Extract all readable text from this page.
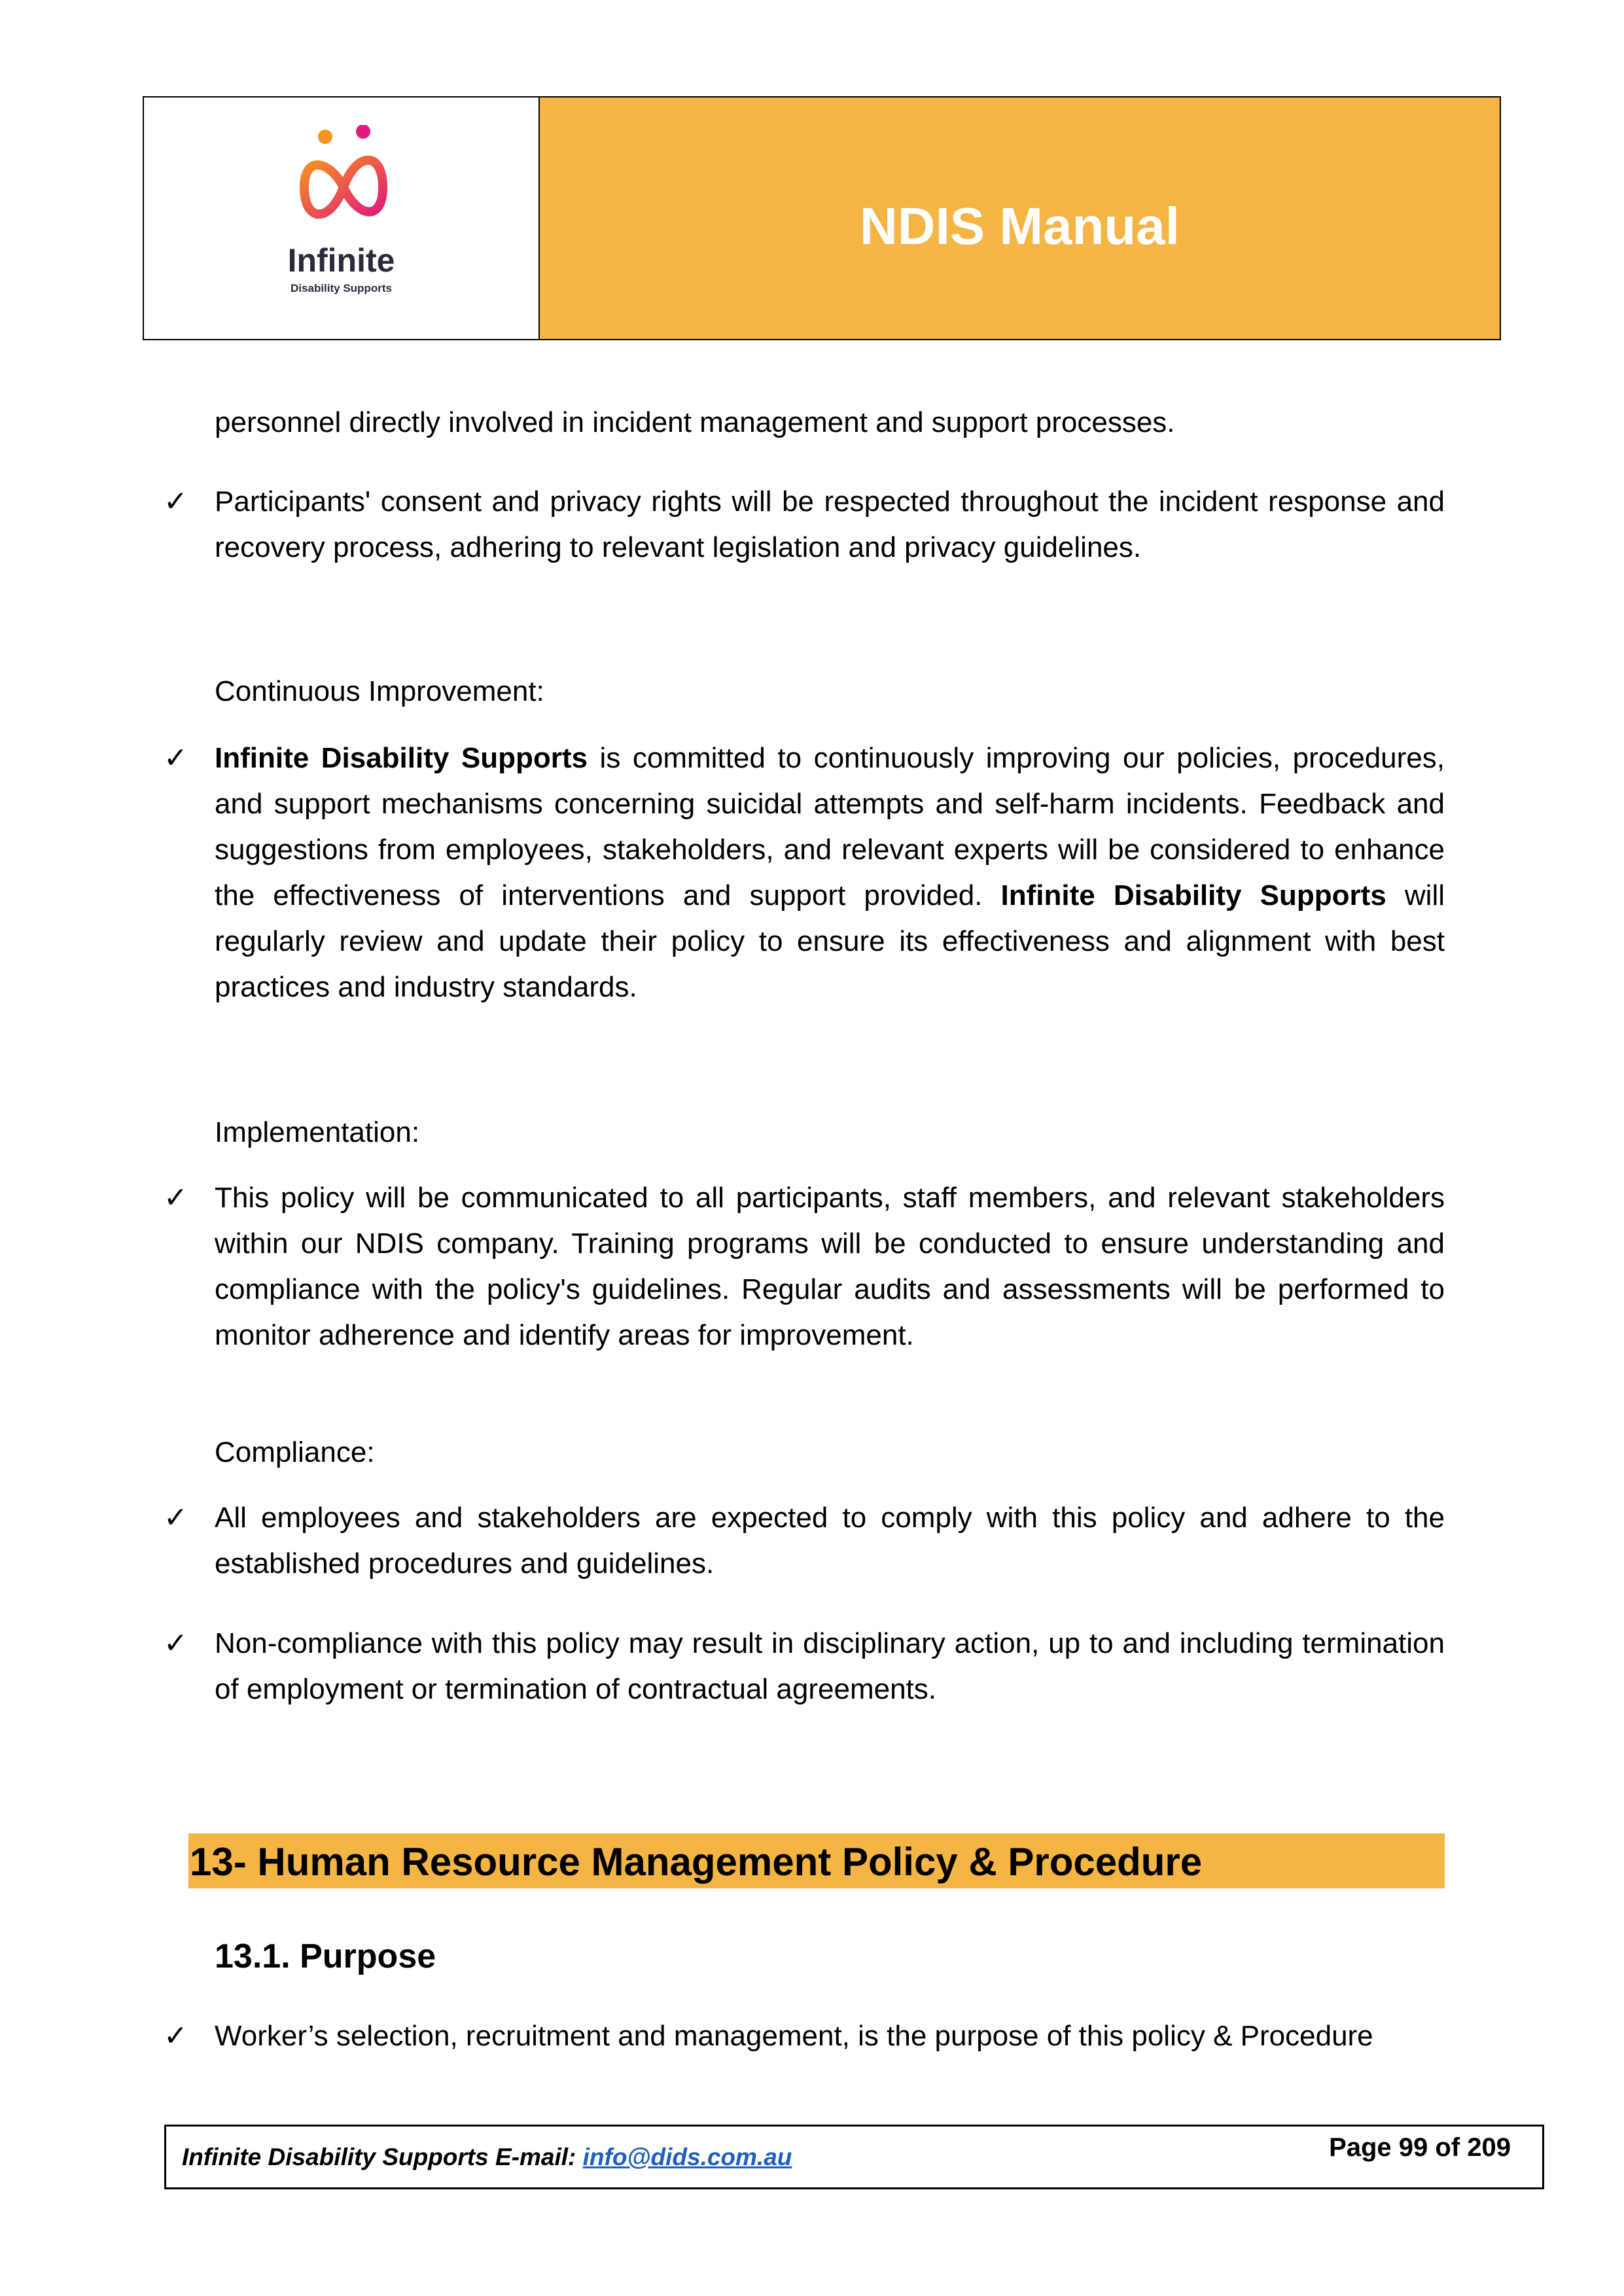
Infinite
Disability Supports
NDIS Manual

personnel directly involved in incident management and support processes.

✓ Participants' consent and privacy rights will be respected throughout the incident response and recovery process, adhering to relevant legislation and privacy guidelines.

Continuous Improvement:

✓ Infinite Disability Supports is committed to continuously improving our policies, procedures, and support mechanisms concerning suicidal attempts and self-harm incidents. Feedback and suggestions from employees, stakeholders, and relevant experts will be considered to enhance the effectiveness of interventions and support provided. Infinite Disability Supports will regularly review and update their policy to ensure its effectiveness and alignment with best practices and industry standards.

Implementation:

✓ This policy will be communicated to all participants, staff members, and relevant stakeholders within our NDIS company. Training programs will be conducted to ensure understanding and compliance with the policy's guidelines. Regular audits and assessments will be performed to monitor adherence and identify areas for improvement.

Compliance:

✓ All employees and stakeholders are expected to comply with this policy and adhere to the established procedures and guidelines.

✓ Non-compliance with this policy may result in disciplinary action, up to and including termination of employment or termination of contractual agreements.

13- Human Resource Management Policy & Procedure

13.1. Purpose

✓ Worker’s selection, recruitment and management, is the purpose of this policy & Procedure

Infinite Disability Supports E-mail: info@dids.com.au	Page 99 of 209
